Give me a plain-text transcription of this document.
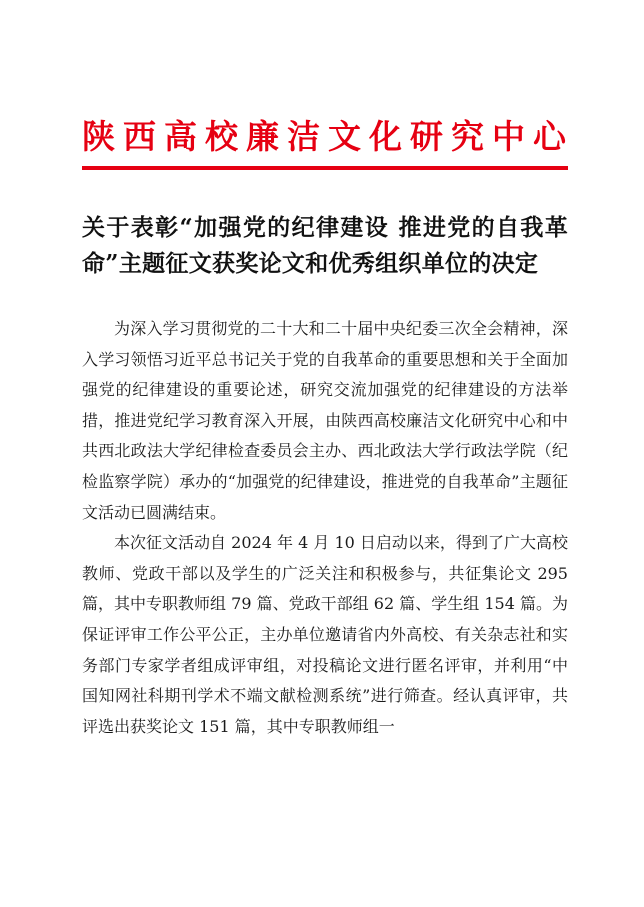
陕西高校廉洁文化研究中心
关于表彰“加强党的纪律建设 推进党的自我革命”主题征文获奖论文和优秀组织单位的决定

为深入学习贯彻党的二十大和二十届中央纪委三次全会精神，深入学习领悟习近平总书记关于党的自我革命的重要思想和关于全面加强党的纪律建设的重要论述，研究交流加强党的纪律建设的方法举措，推进党纪学习教育深入开展，由陕西高校廉洁文化研究中心和中共西北政法大学纪律检查委员会主办、西北政法大学行政法学院（纪检监察学院）承办的“加强党的纪律建设，推进党的自我革命”主题征文活动已圆满结束。

本次征文活动自 2024 年 4 月 10 日启动以来，得到了广大高校教师、党政干部以及学生的广泛关注和积极参与，共征集论文 295 篇，其中专职教师组 79 篇、党政干部组 62 篇、学生组 154 篇。为保证评审工作公平公正，主办单位邀请省内外高校、有关杂志社和实务部门专家学者组成评审组，对投稿论文进行匿名评审，并利用“中国知网社科期刊学术不端文献检测系统”进行筛查。经认真评审，共评选出获奖论文 151 篇，其中专职教师组一
